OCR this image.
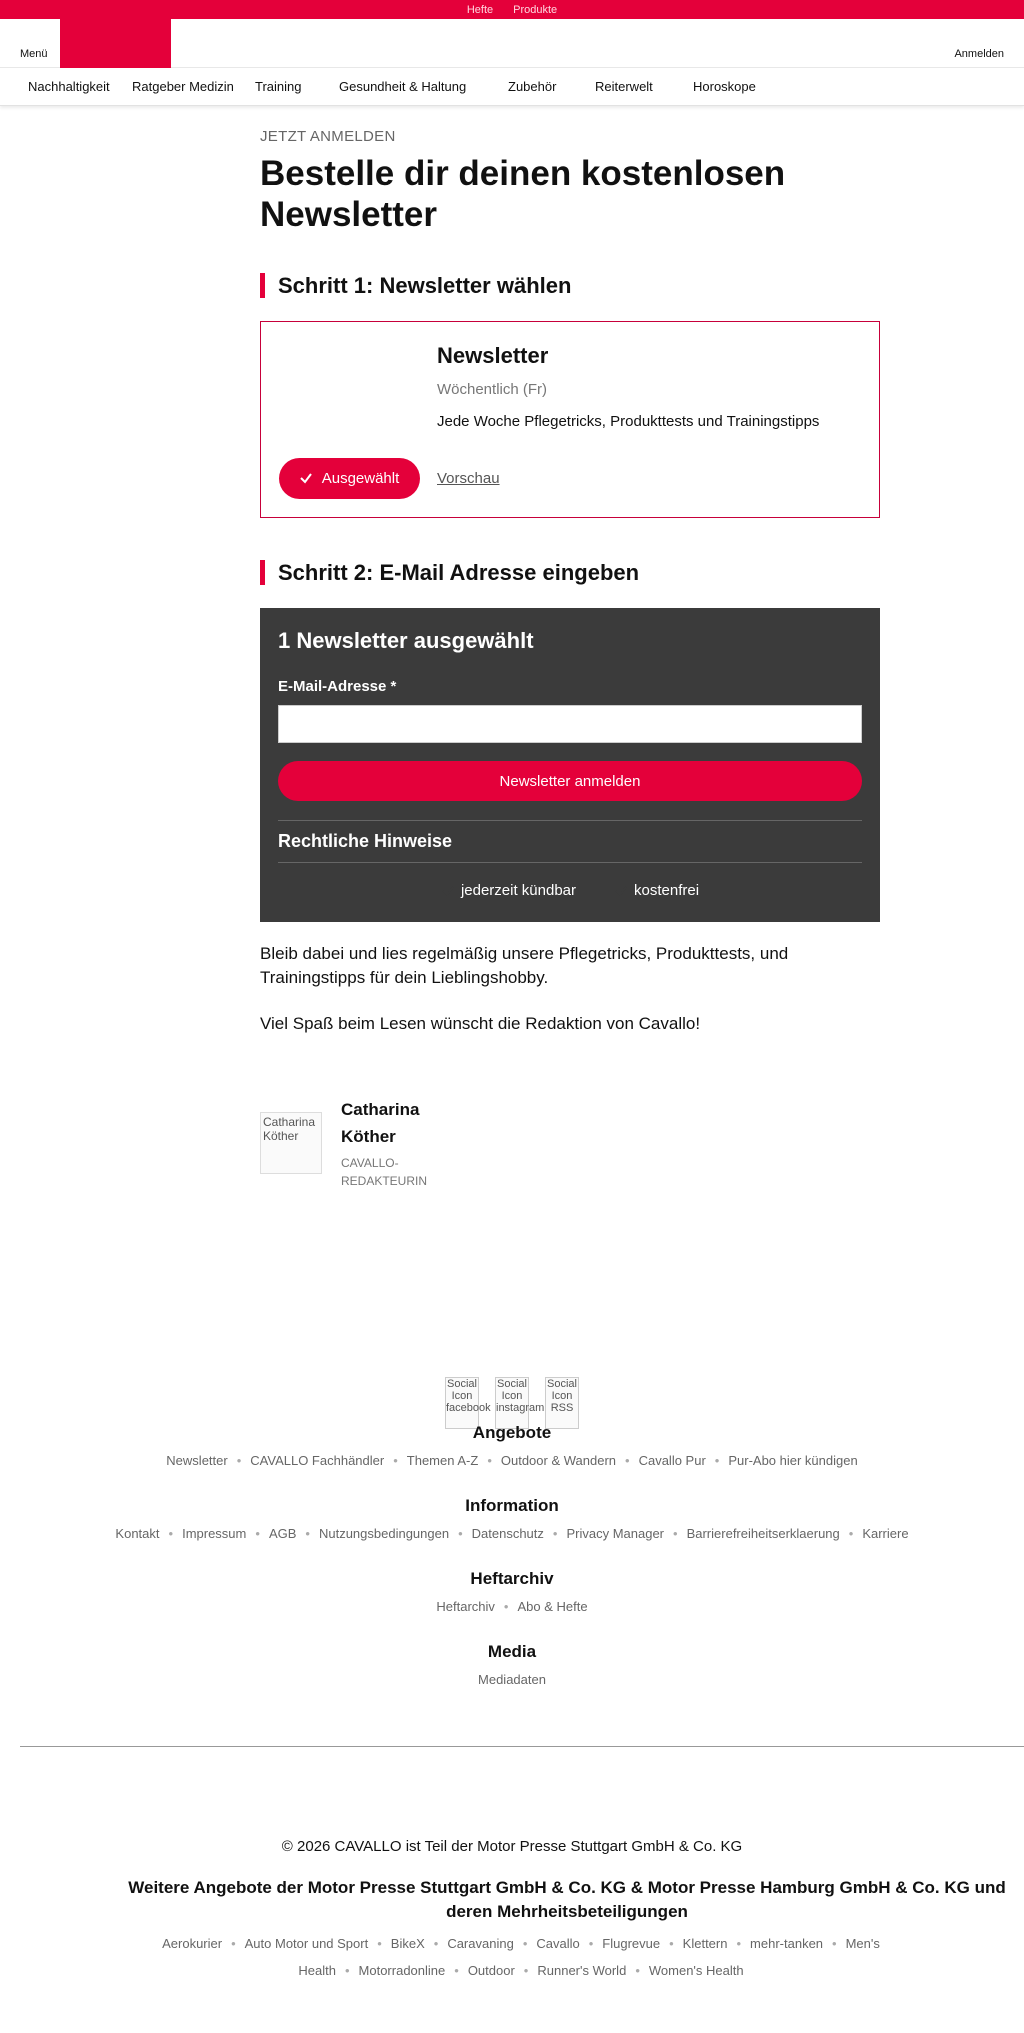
Hefte Produkte
Menü	Anmelden
Nachhaltigkeit Ratgeber Medizin Training	Gesundheit & Haltung	Zubehör	Reiterwelt	Horoskope
JETZT ANMELDEN
Bestelle dir deinen kostenlosen Newsletter
Schritt 1: Newsletter wählen
Newsletter
Wöchentlich (Fr)
Jede Woche Pflegetricks, Produkttests und Trainingstipps
Ausgewählt	Vorschau
Schritt 2: E-Mail Adresse eingeben
1 Newsletter ausgewählt
E-Mail-Adresse *
Newsletter anmelden
Rechtliche Hinweise
jederzeit kündbar	kostenfrei

Bleib dabei und lies regelmäßig unsere Pflegetricks, Produkttests, und Trainingstipps für dein Lieblingshobby.

Viel Spaß beim Lesen wünscht die Redaktion von Cavallo!

Catharina Köther
Catharina Köther
CAVALLO-REDAKTEURIN
Social Icon facebook
Social Icon instagram
Social Icon RSS
Angebote
Newsletter • CAVALLO Fachhändler • Themen A-Z • Outdoor & Wandern • Cavallo Pur • Pur-Abo hier kündigen
Information
Kontakt • Impressum • AGB • Nutzungsbedingungen • Datenschutz • Privacy Manager • Barrierefreiheitserklaerung • Karriere
Heftarchiv
Heftarchiv • Abo & Hefte
Media
Mediadaten
© 2026 CAVALLO ist Teil der Motor Presse Stuttgart GmbH & Co. KG
Weitere Angebote der Motor Presse Stuttgart GmbH & Co. KG & Motor Presse Hamburg GmbH & Co. KG und deren Mehrheitsbeteiligungen
Aerokurier • Auto Motor und Sport • BikeX • Caravaning • Cavallo • Flugrevue • Klettern • mehr-tanken • Men's Health • Motorradonline • Outdoor • Runner's World • Women's Health
